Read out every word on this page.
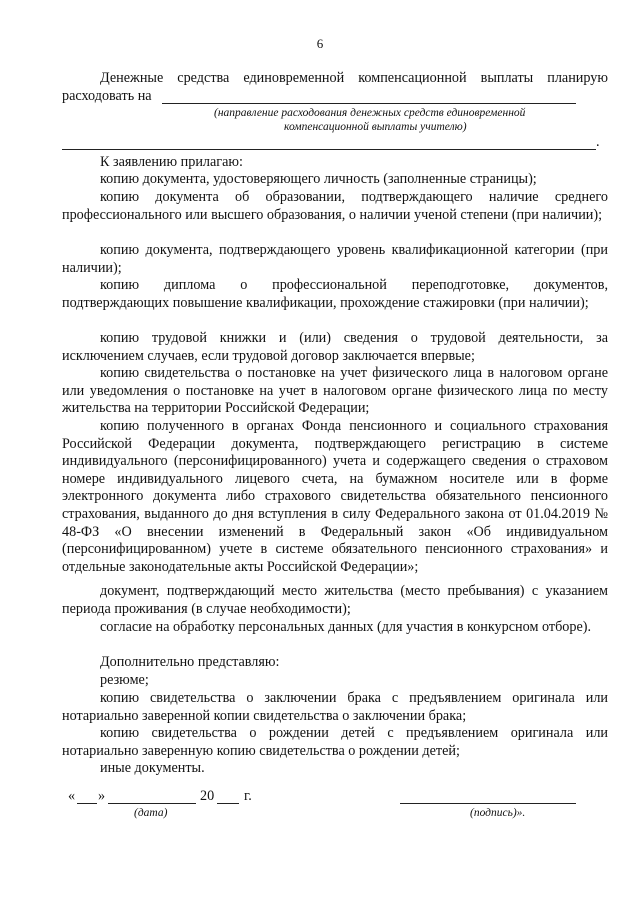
6
Денежные средства единовременной компенсационной выплаты планирую
расходовать на
(направление расходования денежных средств единовременной
компенсационной выплаты учителю)
.
К заявлению прилагаю:
копию документа, удостоверяющего личность (заполненные страницы);
копию документа об образовании, подтверждающего наличие среднего профессионального или высшего образования, о наличии ученой степени (при наличии);
копию документа, подтверждающего уровень квалификационной категории (при наличии);
копию диплома о профессиональной переподготовке, документов, подтверждающих повышение квалификации, прохождение стажировки (при наличии);
копию трудовой книжки и (или) сведения о трудовой деятельности, за исключением случаев, если трудовой договор заключается впервые;
копию свидетельства о постановке на учет физического лица в налоговом органе или уведомления о постановке на учет в налоговом органе физического лица по месту жительства на территории Российской Федерации;
копию полученного в органах Фонда пенсионного и социального страхования Российской Федерации документа, подтверждающего регистрацию в системе индивидуального (персонифицированного) учета и содержащего сведения о страховом номере индивидуального лицевого счета, на бумажном носителе или в форме электронного документа либо страхового свидетельства обязательного пенсионного страхования, выданного до дня вступления в силу Федерального закона от 01.04.2019 № 48-ФЗ «О внесении изменений в Федеральный закон «Об индивидуальном (персонифицированном) учете в системе обязательного пенсионного страхования» и отдельные законодательные акты Российской Федерации»;
документ, подтверждающий место жительства (место пребывания) с указанием периода проживания (в случае необходимости);
согласие на обработку персональных данных (для участия в конкурсном отборе).
Дополнительно представляю:
резюме;
копию свидетельства о заключении брака с предъявлением оригинала или нотариально заверенной копии свидетельства о заключении брака;
копию свидетельства о рождении детей с предъявлением оригинала или нотариально заверенную копию свидетельства о рождении детей;
иные документы.
« »	20 г.
(дата)	(подпись)».
